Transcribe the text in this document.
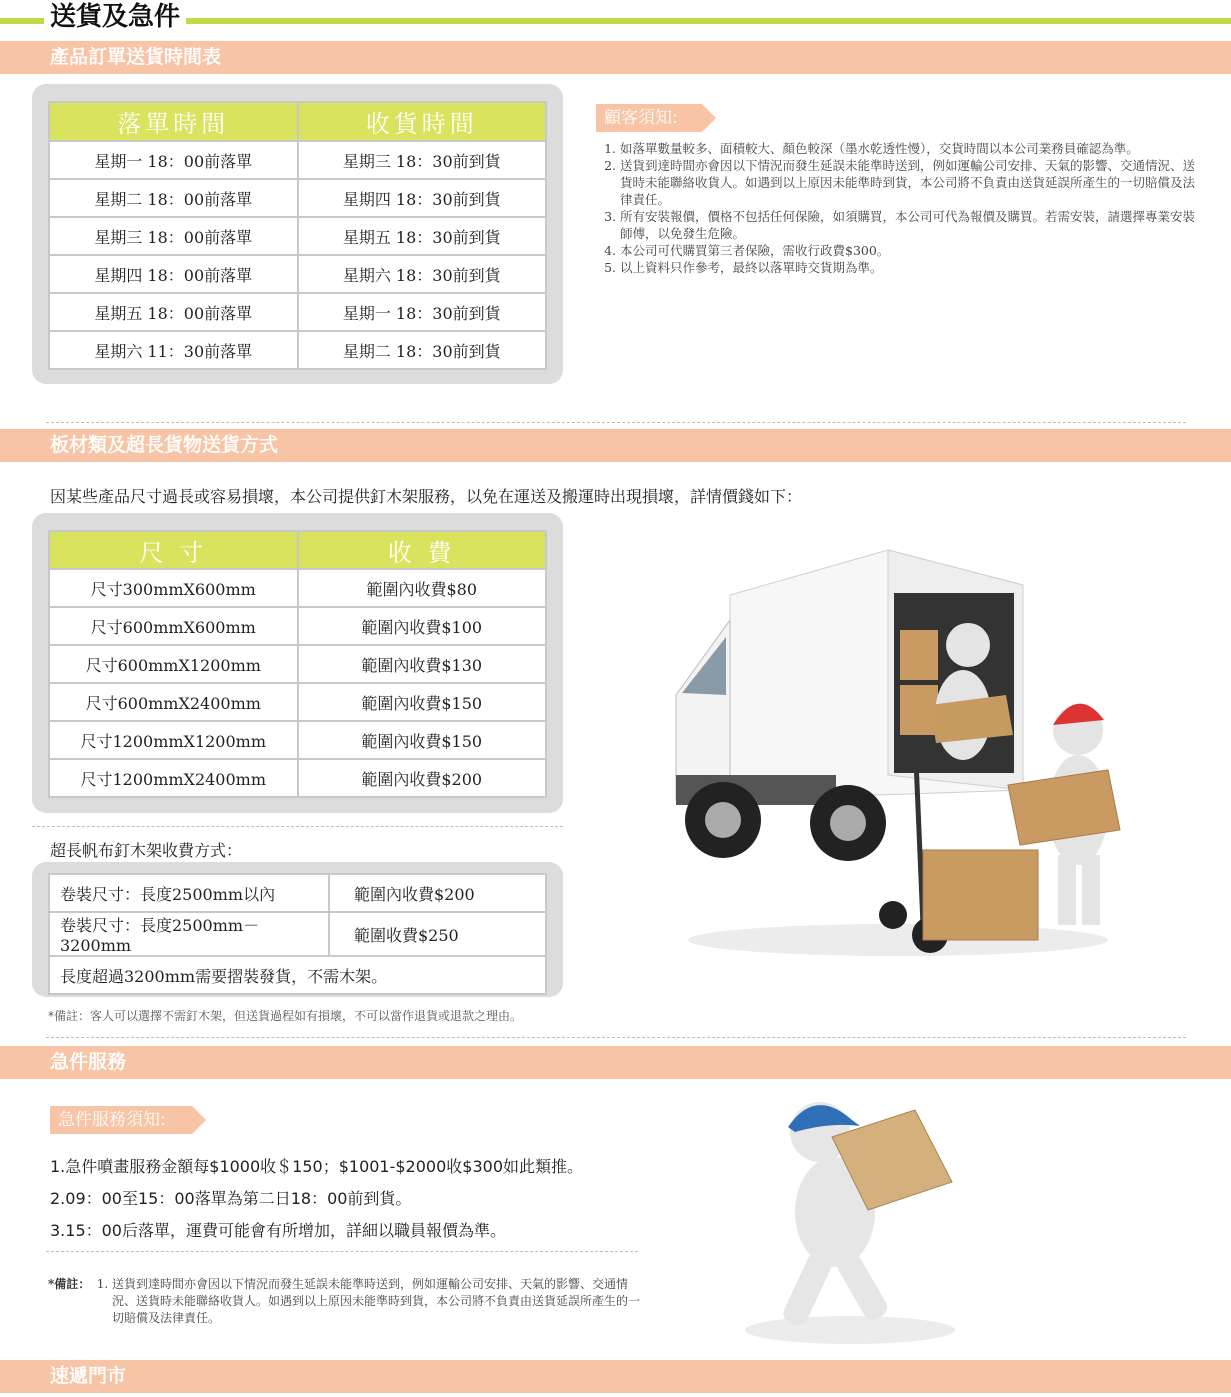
送貨及急件
產品訂單送貨時間表
落單時間	收貨時間
星期一 18：00前落單	星期三 18：30前到貨
星期二 18：00前落單	星期四 18：30前到貨
星期三 18：00前落單	星期五 18：30前到貨
星期四 18：00前落單	星期六 18：30前到貨
星期五 18：00前落單	星期一 18：30前到貨
星期六 11：30前落單	星期二 18：30前到貨
顧客須知:
1. 如落單數量較多、面積較大、顏色較深（墨水乾透性慢），交貨時間以本公司業務員確認為準。
2. 送貨到達時間亦會因以下情況而發生延誤未能準時送到，例如運輸公司安排、天氣的影響、交通情況、送貨時未能聯絡收貨人。如遇到以上原因未能準時到貨，本公司將不負責由送貨延誤所產生的一切賠償及法律責任。
3. 所有安裝報價，價格不包括任何保險，如須購買，本公司可代為報價及購買。若需安裝，請選擇專業安裝師傅，以免發生危險。
4. 本公司可代購買第三者保險，需收行政費$300。
5. 以上資料只作參考，最終以落單時交貨期為準。
板材類及超長貨物送貨方式
因某些產品尺寸過長或容易損壞，本公司提供釘木架服務，以免在運送及搬運時出現損壞，詳情價錢如下：
尺 寸	收 費
尺寸300mmX600mm	範圍內收費$80
尺寸600mmX600mm	範圍內收費$100
尺寸600mmX1200mm	範圍內收費$130
尺寸600mmX2400mm	範圍內收費$150
尺寸1200mmX1200mm	範圍內收費$150
尺寸1200mmX2400mm	範圍內收費$200
超長帆布釘木架收費方式：
卷裝尺寸：長度2500mm以內	範圍內收費$200
卷裝尺寸：長度2500mm－3200mm	範圍收費$250
長度超過3200mm需要摺裝發貨，不需木架。	
*備註：客人可以選擇不需釘木架，但送貨過程如有損壞，不可以當作退貨或退款之理由。
急件服務
急件服務須知:
1.急件噴畫服務金額每$1000收＄150；$1001-$2000收$300如此類推。
2.09：00至15：00落單為第二日18：00前到貨。
3.15：00后落單，運費可能會有所增加，詳細以職員報價為準。
*備註： 1. 送貨到達時間亦會因以下情況而發生延誤未能準時送到，例如運輸公司安排、天氣的影響、交通情況、送貨時未能聯絡收貨人。如遇到以上原因未能準時到貨，本公司將不負責由送貨延誤所產生的一切賠償及法律責任。
速遞門市
